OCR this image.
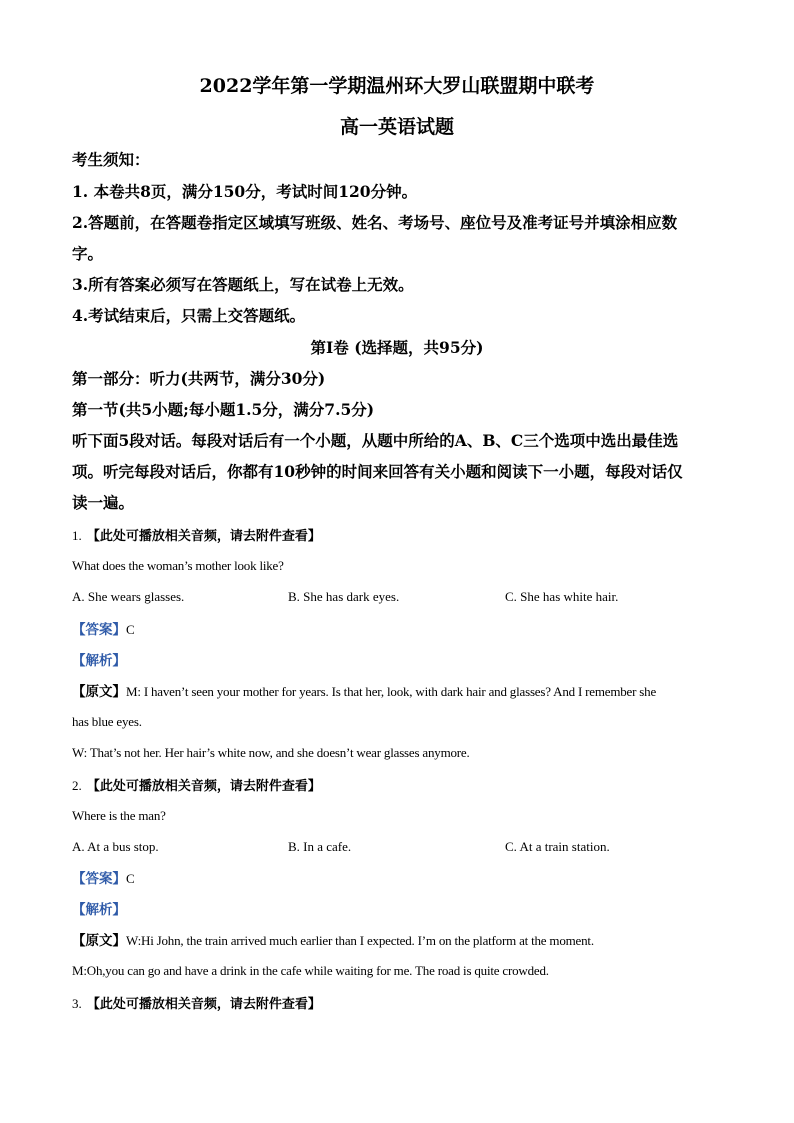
2022学年第一学期温州环大罗山联盟期中联考
高一英语试题
考生须知：
1. 本卷共8页，满分150分，考试时间120分钟。
2.答题前，在答题卷指定区域填写班级、姓名、考场号、座位号及准考证号并填涂相应数
字。
3.所有答案必须写在答题纸上，写在试卷上无效。
4.考试结束后，只需上交答题纸。
第Ⅰ卷 (选择题，共95分)
第一部分：听力(共两节，满分30分)
第一节(共5小题;每小题1.5分，满分7.5分)
听下面5段对话。每段对话后有一个小题，从题中所给的A、B、C三个选项中选出最佳选
项。听完每段对话后，你都有10秒钟的时间来回答有关小题和阅读下一小题，每段对话仅
读一遍。
1. 【此处可播放相关音频，请去附件查看】
What does the woman’s mother look like?
A. She wears glasses.	B. She has dark eyes.	C. She has white hair.
【答案】C
【解析】
【原文】M: I haven’t seen your mother for years. Is that her, look, with dark hair and glasses? And I remember she
has blue eyes.
W: That’s not her. Her hair’s white now, and she doesn’t wear glasses anymore.
2. 【此处可播放相关音频，请去附件查看】
Where is the man?
A. At a bus stop.	B. In a cafe.	C. At a train station.
【答案】C
【解析】
【原文】W:Hi John, the train arrived much earlier than I expected. I’m on the platform at the moment.
M:Oh,you can go and have a drink in the cafe while waiting for me. The road is quite crowded.
3. 【此处可播放相关音频，请去附件查看】
